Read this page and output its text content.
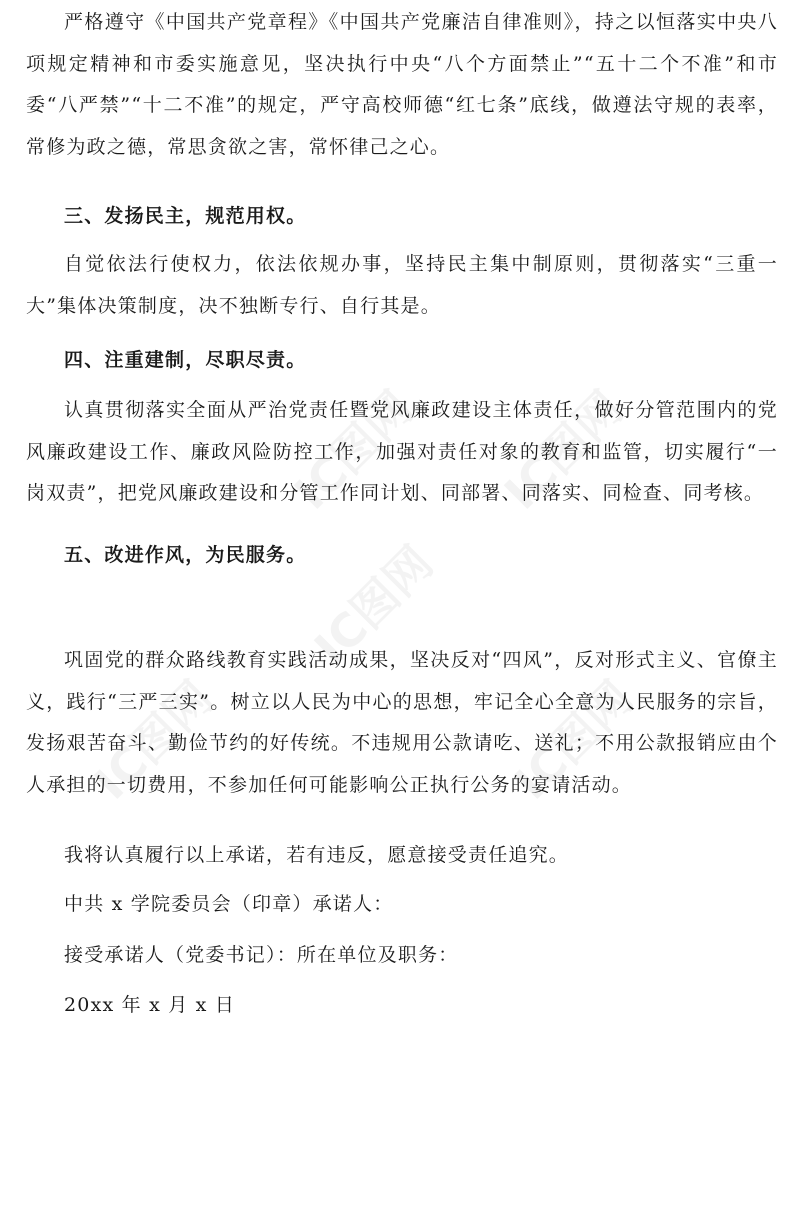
严格遵守《中国共产党章程》《中国共产党廉洁自律准则》，持之以恒落实中央八项规定精神和市委实施意见，坚决执行中央“八个方面禁止”“五十二个不准”和市委“八严禁”“十二不准”的规定，严守高校师德“红七条”底线，做遵法守规的表率，常修为政之德，常思贪欲之害，常怀律己之心。

三、发扬民主，规范用权。

自觉依法行使权力，依法依规办事，坚持民主集中制原则，贯彻落实“三重一大”集体决策制度，决不独断专行、自行其是。

四、注重建制，尽职尽责。

认真贯彻落实全面从严治党责任暨党风廉政建设主体责任，做好分管范围内的党风廉政建设工作、廉政风险防控工作，加强对责任对象的教育和监管，切实履行“一岗双责”，把党风廉政建设和分管工作同计划、同部署、同落实、同检查、同考核。

五、改进作风，为民服务。

巩固党的群众路线教育实践活动成果，坚决反对“四风”，反对形式主义、官僚主义，践行“三严三实”。树立以人民为中心的思想，牢记全心全意为人民服务的宗旨，发扬艰苦奋斗、勤俭节约的好传统。不违规用公款请吃、送礼；不用公款报销应由个人承担的一切费用，不参加任何可能影响公正执行公务的宴请活动。

我将认真履行以上承诺，若有违反，愿意接受责任追究。

中共 x 学院委员会（印章）承诺人：

接受承诺人（党委书记）：所在单位及职务：

20xx 年 x 月 x 日
